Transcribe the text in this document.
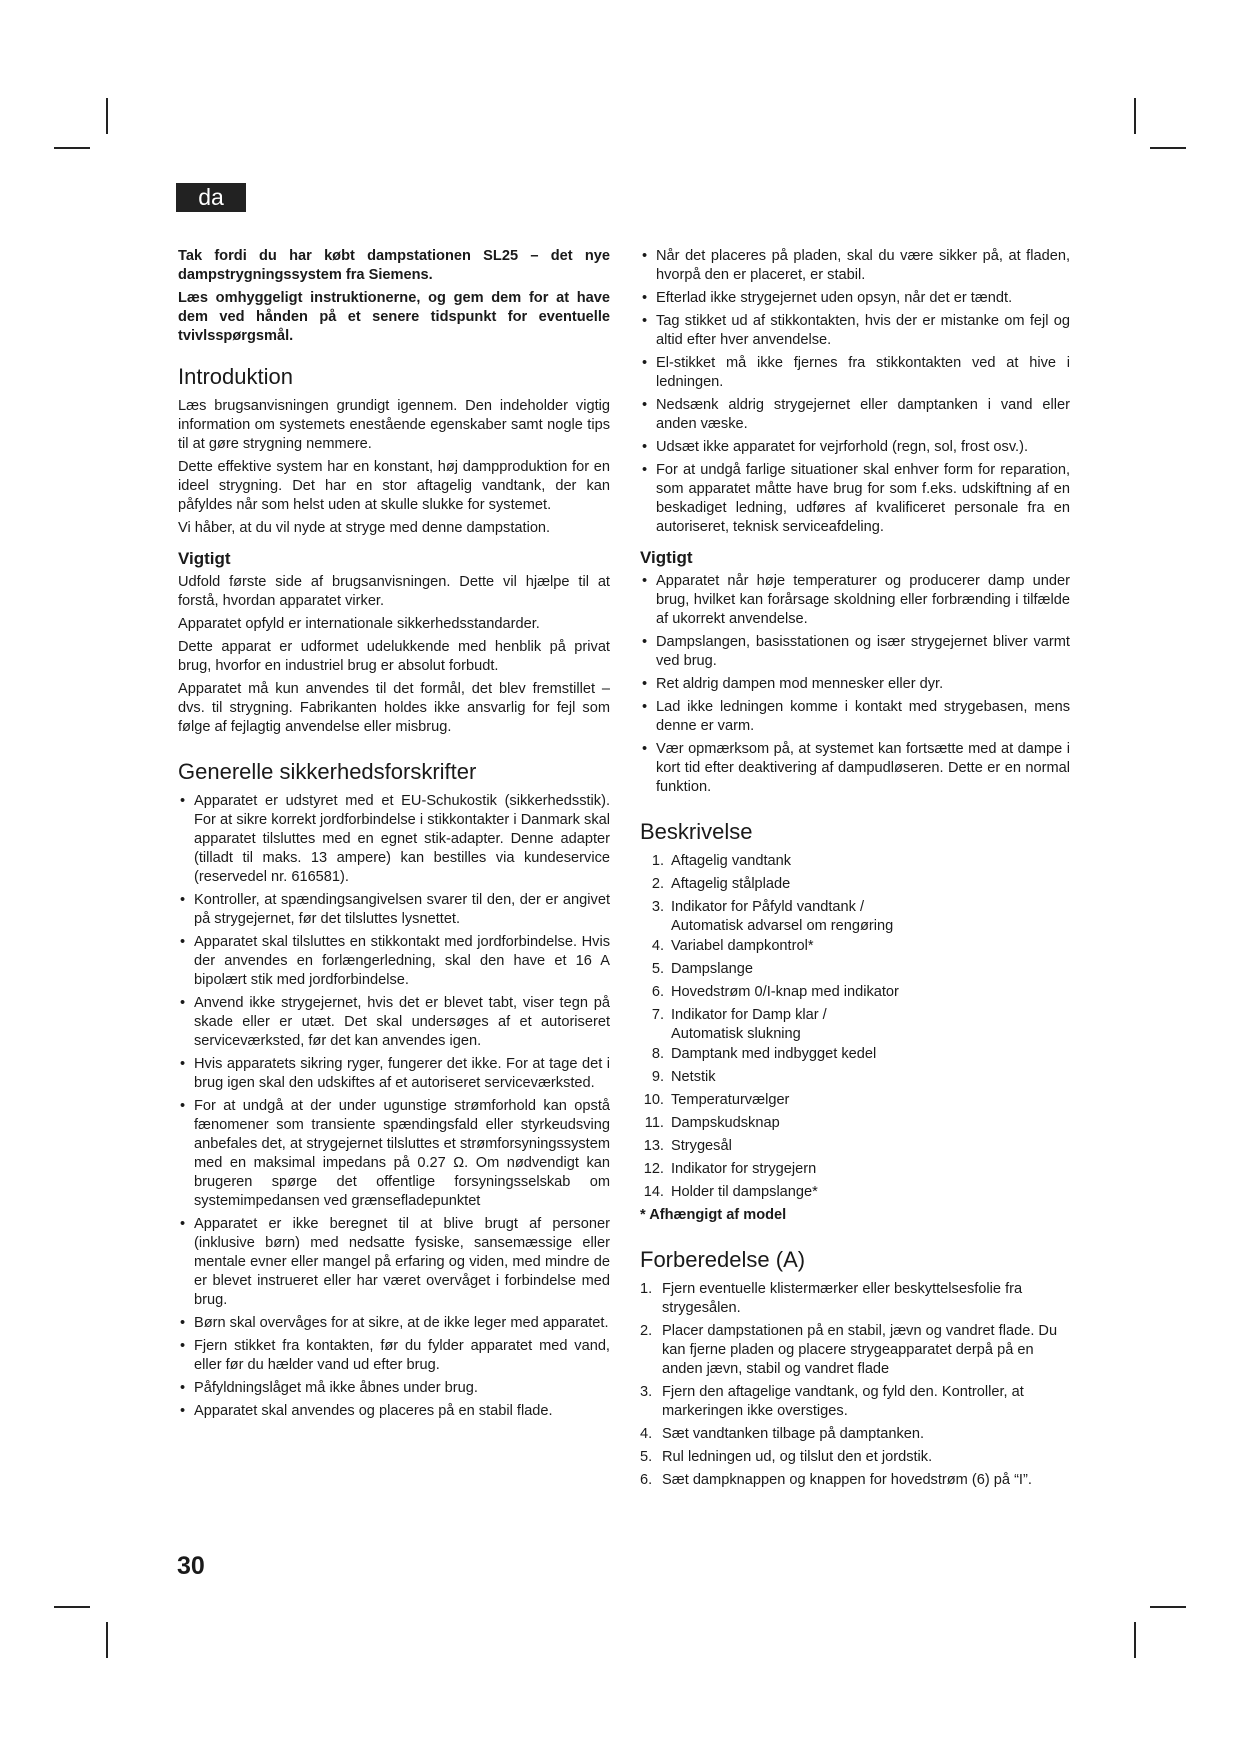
da

Tak fordi du har købt dampstationen SL25 – det nye dampstrygningssystem fra Siemens.

Læs omhyggeligt instruktionerne, og gem dem for at have dem ved hånden på et senere tidspunkt for eventuelle tvivlsspørgsmål.

Introduktion

Læs brugsanvisningen grundigt igennem. Den indeholder vigtig information om systemets enestående egenskaber samt nogle tips til at gøre strygning nemmere.

Dette effektive system har en konstant, høj dampproduktion for en ideel strygning. Det har en stor aftagelig vandtank, der kan påfyldes når som helst uden at skulle slukke for systemet.

Vi håber, at du vil nyde at stryge med denne dampstation.

Vigtigt

Udfold første side af brugsanvisningen. Dette vil hjælpe til at forstå, hvordan apparatet virker.

Apparatet opfyld er internationale sikkerhedsstandarder.

Dette apparat er udformet udelukkende med henblik på privat brug, hvorfor en industriel brug er absolut forbudt.

Apparatet må kun anvendes til det formål, det blev fremstillet – dvs. til strygning. Fabrikanten holdes ikke ansvarlig for fejl som følge af fejlagtig anvendelse eller misbrug.

Generelle sikkerhedsforskrifter
• Apparatet er udstyret med et EU-Schukostik (sikkerhedsstik). For at sikre korrekt jordforbindelse i stikkontakter i Danmark skal apparatet tilsluttes med en egnet stik-adapter. Denne adapter (tilladt til maks. 13 ampere) kan bestilles via kundeservice (reservedel nr. 616581).
• Kontroller, at spændingsangivelsen svarer til den, der er angivet på strygejernet, før det tilsluttes lysnettet.
• Apparatet skal tilsluttes en stikkontakt med jordforbindelse. Hvis der anvendes en forlængerledning, skal den have et 16 A bipolært stik med jordforbindelse.
• Anvend ikke strygejernet, hvis det er blevet tabt, viser tegn på skade eller er utæt. Det skal undersøges af et autoriseret serviceværksted, før det kan anvendes igen.
• Hvis apparatets sikring ryger, fungerer det ikke. For at tage det i brug igen skal den udskiftes af et autoriseret serviceværksted.
• For at undgå at der under ugunstige strømforhold kan opstå fænomener som transiente spændingsfald eller styrkeudsving anbefales det, at strygejernet tilsluttes et strømforsyningssystem med en maksimal impedans på 0.27 Ω. Om nødvendigt kan brugeren spørge det offentlige forsyningsselskab om systemimpedansen ved grænsefladepunktet
• Apparatet er ikke beregnet til at blive brugt af personer (inklusive børn) med nedsatte fysiske, sansemæssige eller mentale evner eller mangel på erfaring og viden, med mindre de er blevet instrueret eller har været overvåget i forbindelse med brug.
• Børn skal overvåges for at sikre, at de ikke leger med apparatet.
• Fjern stikket fra kontakten, før du fylder apparatet med vand, eller før du hælder vand ud efter brug.
• Påfyldningslåget må ikke åbnes under brug.
• Apparatet skal anvendes og placeres på en stabil flade.
• Når det placeres på pladen, skal du være sikker på, at fladen, hvorpå den er placeret, er stabil.
• Efterlad ikke strygejernet uden opsyn, når det er tændt.
• Tag stikket ud af stikkontakten, hvis der er mistanke om fejl og altid efter hver anvendelse.
• El-stikket må ikke fjernes fra stikkontakten ved at hive i ledningen.
• Nedsænk aldrig strygejernet eller damptanken i vand eller anden væske.
• Udsæt ikke apparatet for vejrforhold (regn, sol, frost osv.).
• For at undgå farlige situationer skal enhver form for reparation, som apparatet måtte have brug for som f.eks. udskiftning af en beskadiget ledning, udføres af kvalificeret personale fra en autoriseret, teknisk serviceafdeling.
Vigtigt
• Apparatet når høje temperaturer og producerer damp under brug, hvilket kan forårsage skoldning eller forbrænding i tilfælde af ukorrekt anvendelse.
• Dampslangen, basisstationen og især strygejernet bliver varmt ved brug.
• Ret aldrig dampen mod mennesker eller dyr.
• Lad ikke ledningen komme i kontakt med strygebasen, mens denne er varm.
• Vær opmærksom på, at systemet kan fortsætte med at dampe i kort tid efter deaktivering af dampudløseren. Dette er en normal funktion.
Beskrivelse
1. Aftagelig vandtank
2. Aftagelig stålplade
3. Indikator for Påfyld vandtank / Automatisk advarsel om rengøring
4. Variabel dampkontrol*
5. Dampslange
6. Hovedstrøm 0/I-knap med indikator
7. Indikator for Damp klar / Automatisk slukning
8. Damptank med indbygget kedel
9. Netstik
10. Temperaturvælger
11. Dampskudsknap
13. Strygesål
12. Indikator for strygejern
14. Holder til dampslange*

* Afhængigt af model

Forberedelse (A)
1. Fjern eventuelle klistermærker eller beskyttelsesfolie fra strygesålen.
2. Placer dampstationen på en stabil, jævn og vandret flade. Du kan fjerne pladen og placere strygeapparatet derpå på en anden jævn, stabil og vandret flade
3. Fjern den aftagelige vandtank, og fyld den. Kontroller, at markeringen ikke overstiges.
4. Sæt vandtanken tilbage på damptanken.
5. Rul ledningen ud, og tilslut den et jordstik.
6. Sæt dampknappen og knappen for hovedstrøm (6) på “I”.
30
